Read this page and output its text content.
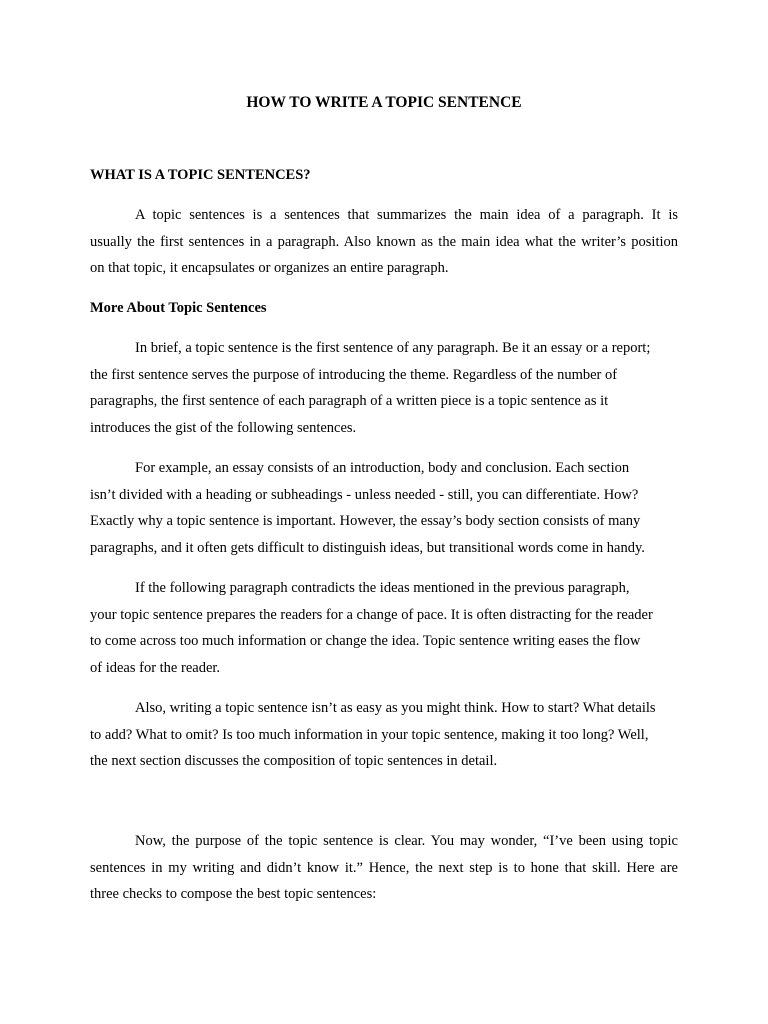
HOW TO WRITE A TOPIC SENTENCE
WHAT IS A TOPIC SENTENCES?

A topic sentences is a sentences that summarizes the main idea of a paragraph. It is
usually the first sentences in a paragraph. Also known as the main idea what the writer’s position
on that topic, it encapsulates or organizes an entire paragraph.

More About Topic Sentences

In brief, a topic sentence is the first sentence of any paragraph. Be it an essay or a report;
the first sentence serves the purpose of introducing the theme. Regardless of the number of
paragraphs, the first sentence of each paragraph of a written piece is a topic sentence as it
introduces the gist of the following sentences.

For example, an essay consists of an introduction, body and conclusion. Each section
isn’t divided with a heading or subheadings - unless needed - still, you can differentiate. How?
Exactly why a topic sentence is important. However, the essay’s body section consists of many
paragraphs, and it often gets difficult to distinguish ideas, but transitional words come in handy.

If the following paragraph contradicts the ideas mentioned in the previous paragraph,
your topic sentence prepares the readers for a change of pace. It is often distracting for the reader
to come across too much information or change the idea. Topic sentence writing eases the flow
of ideas for the reader.

Also, writing a topic sentence isn’t as easy as you might think. How to start? What details
to add? What to omit? Is too much information in your topic sentence, making it too long? Well,
the next section discusses the composition of topic sentences in detail.

Now, the purpose of the topic sentence is clear. You may wonder, “I’ve been using topic
sentences in my writing and didn’t know it.” Hence, the next step is to hone that skill. Here are
three checks to compose the best topic sentences:
